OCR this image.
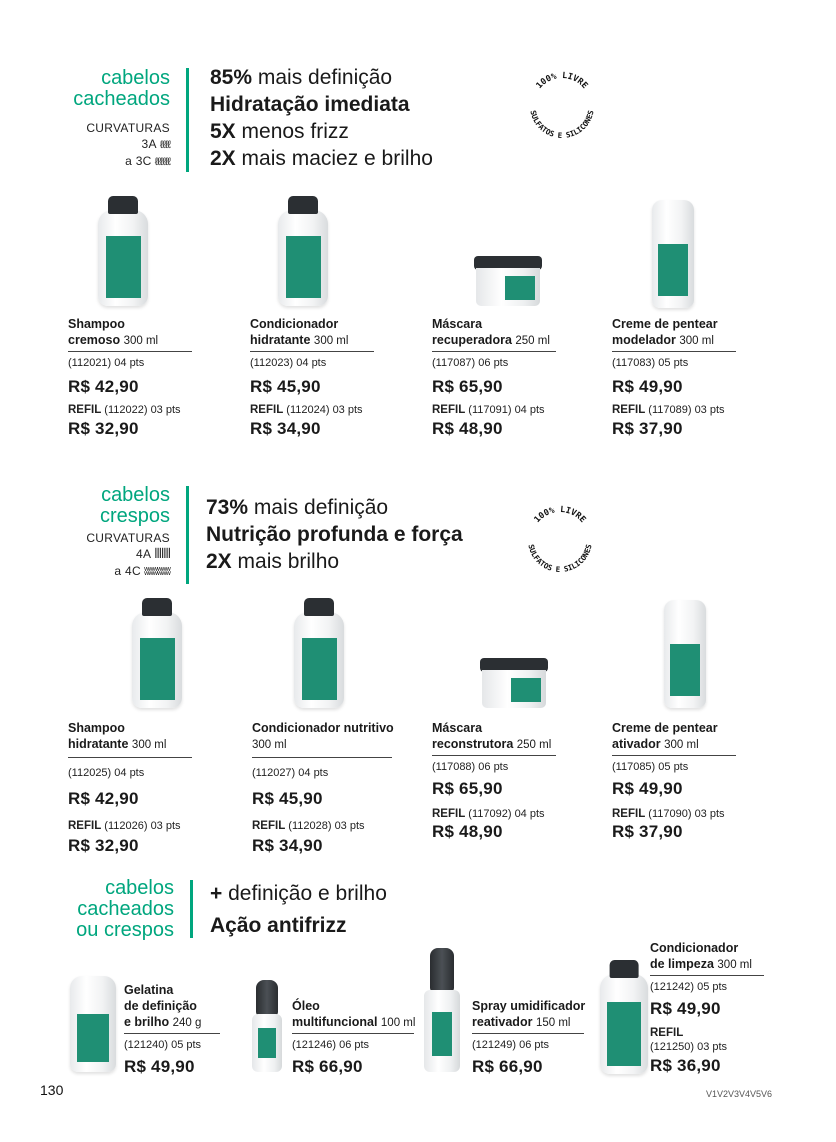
cabelos
cacheados
CURVATURAS
3A ℓℓℓℓ
a 3C ℓℓℓℓℓℓ
85% mais definição
Hidratação imediata
5X menos frizz
2X mais maciez e brilho
100% LIVRE
SULFATOS E SILICONES
Shampoo
cremoso 300 ml
(112021) 04 pts
R$ 42,90
REFIL (112022) 03 pts
R$ 32,90
Condicionador
hidratante 300 ml
(112023) 04 pts
R$ 45,90
REFIL (112024) 03 pts
R$ 34,90
Máscara
recuperadora 250 ml
(117087) 06 pts
R$ 65,90
REFIL (117091) 04 pts
R$ 48,90
Creme de pentear
modelador 300 ml
(117083) 05 pts
R$ 49,90
REFIL (117089) 03 pts
R$ 37,90
cabelos
crespos
CURVATURAS
4A ꟾꟾꟾꟾꟾꟾꟾ
a 4C ʬʬʬʬʬʬ
73% mais definição
Nutrição profunda e força
2X mais brilho
100% LIVRE
SULFATOS E SILICONES
Shampoo
hidratante 300 ml
(112025) 04 pts
R$ 42,90
REFIL (112026) 03 pts
R$ 32,90
Condicionador nutritivo
300 ml
(112027) 04 pts
R$ 45,90
REFIL (112028) 03 pts
R$ 34,90
Máscara
reconstrutora 250 ml
(117088) 06 pts
R$ 65,90
REFIL (117092) 04 pts
R$ 48,90
Creme de pentear
ativador 300 ml
(117085) 05 pts
R$ 49,90
REFIL (117090) 03 pts
R$ 37,90
cabelos
cacheados
ou crespos
+ definição e brilho
Ação antifrizz
Gelatina
de definição
e brilho 240 g
(121240) 05 pts
R$ 49,90
Óleo
multifuncional 100 ml
(121246) 06 pts
R$ 66,90
Spray umidificador
reativador 150 ml
(121249) 06 pts
R$ 66,90
Condicionador
de limpeza 300 ml
(121242) 05 pts
R$ 49,90
REFIL
(121250) 03 pts
R$ 36,90
130	V1V2V3V4V5V6
